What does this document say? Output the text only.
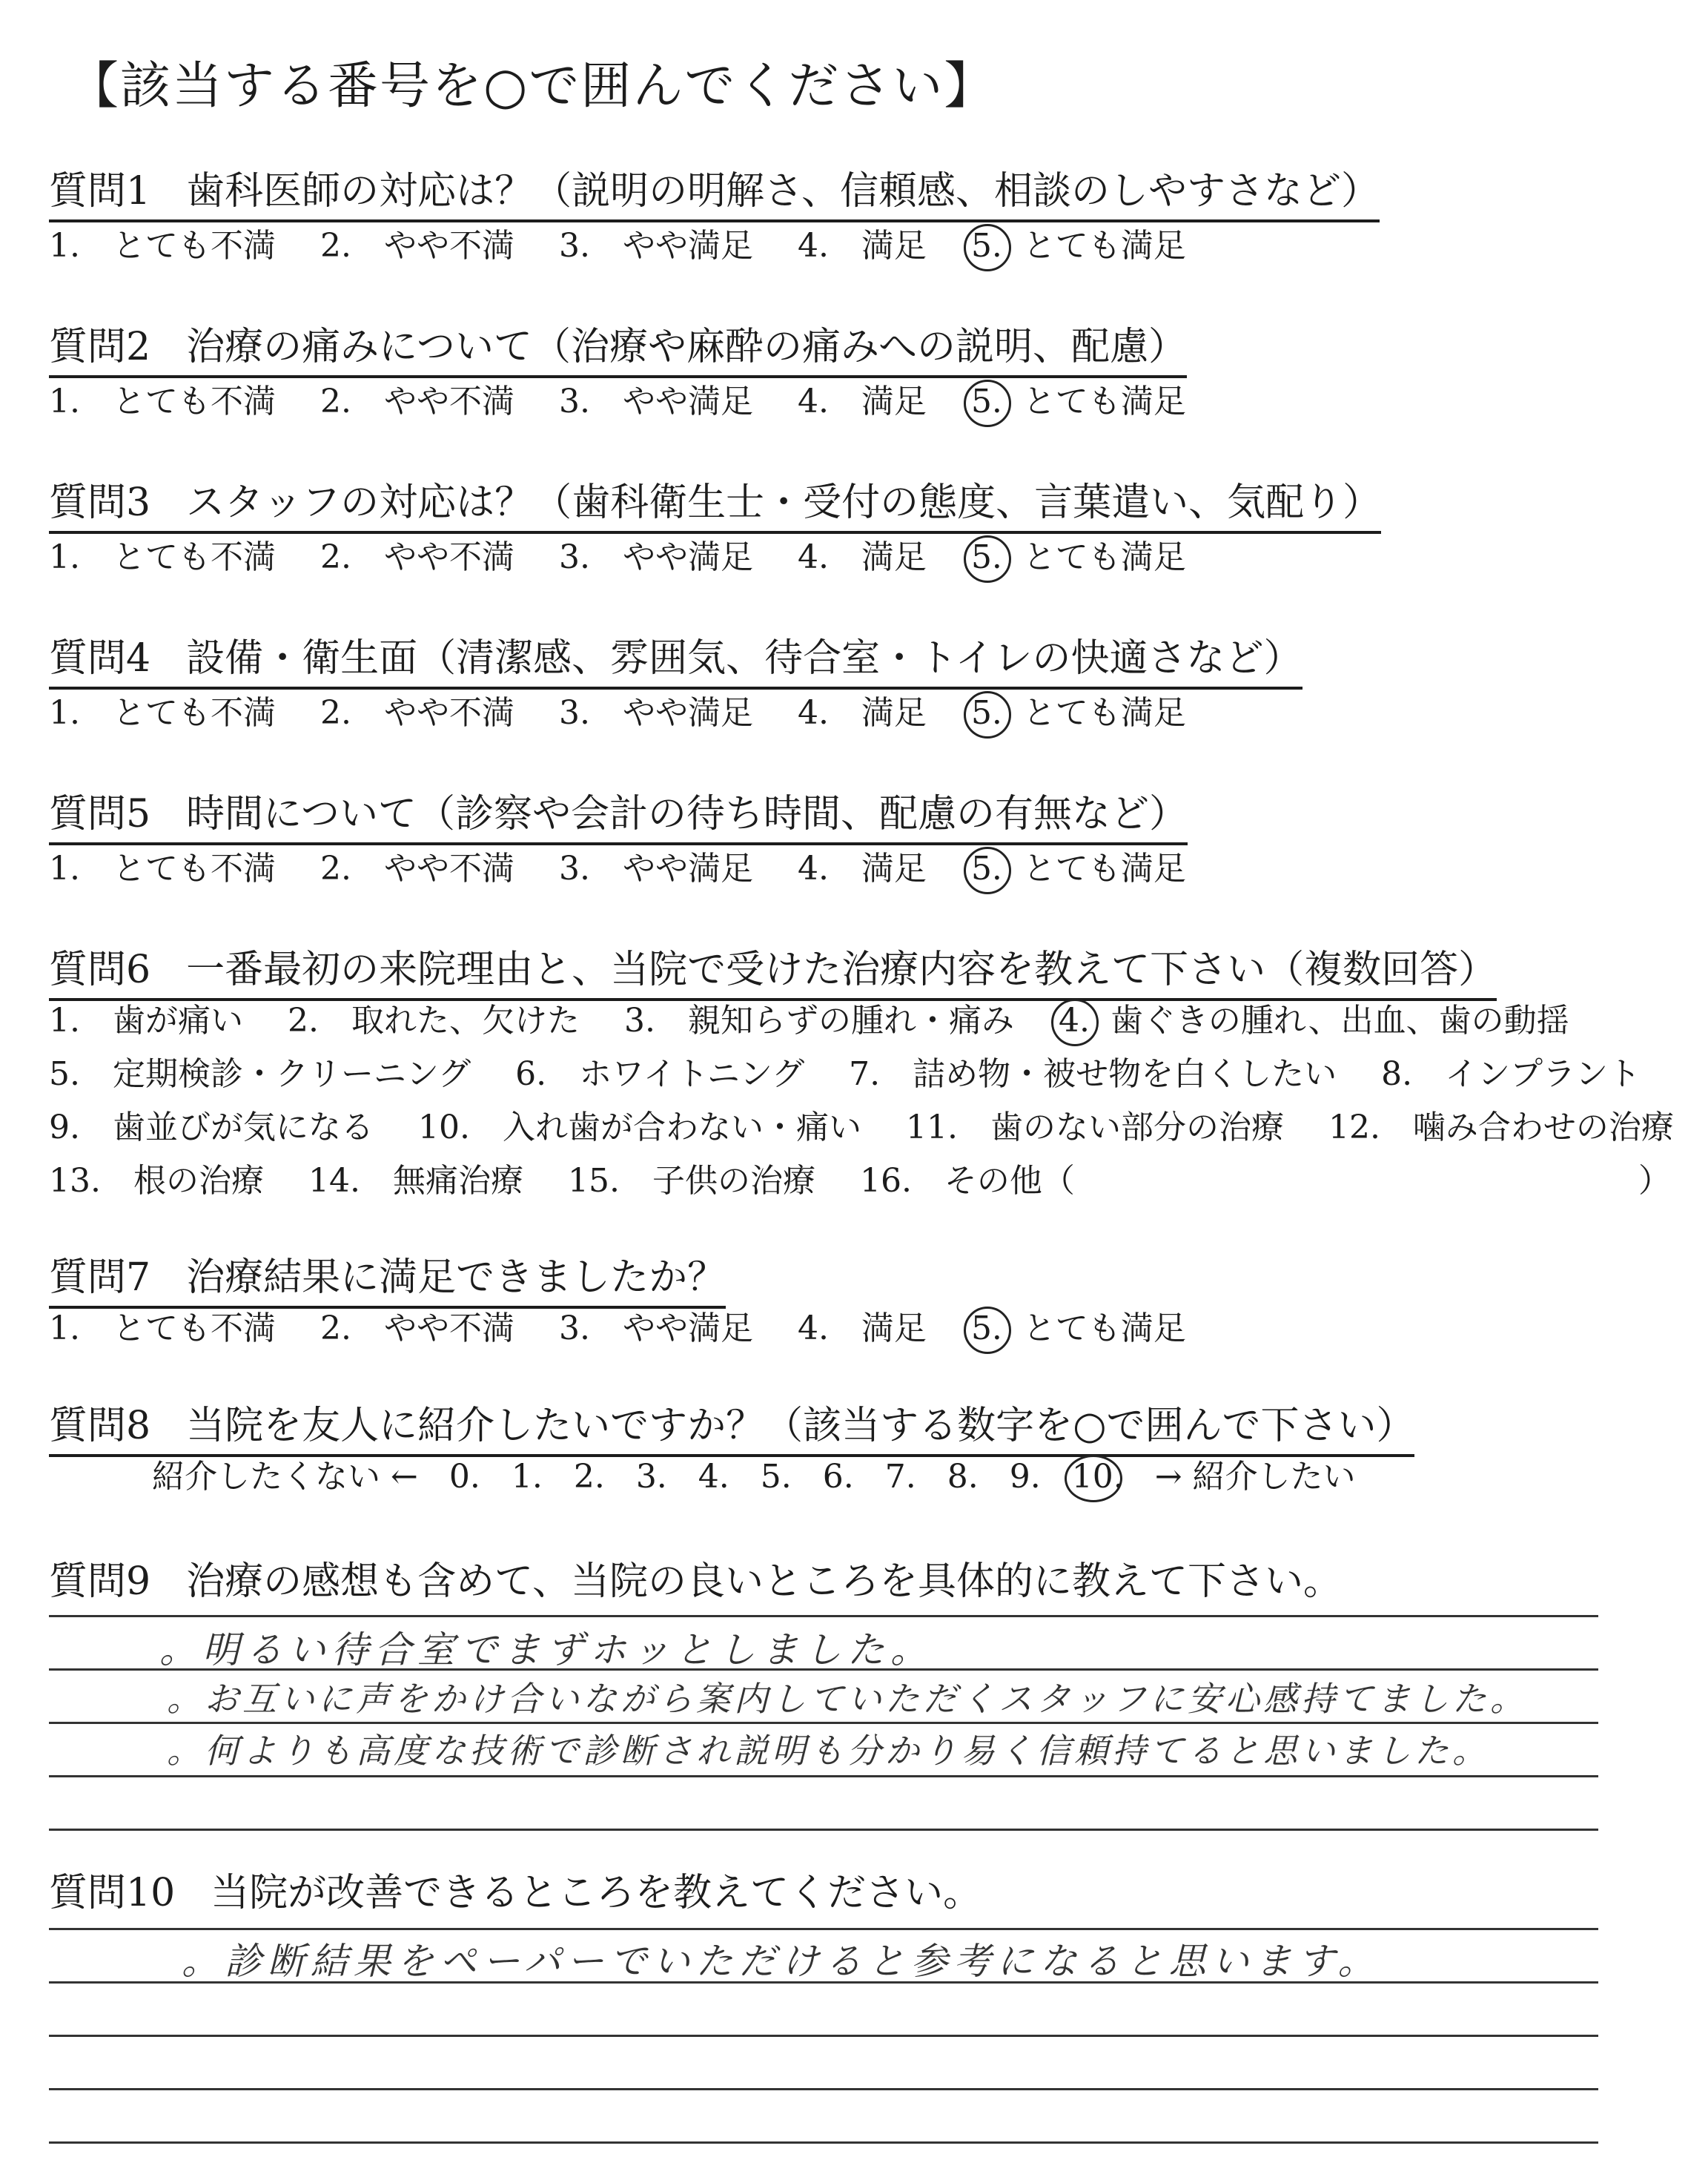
【該当する番号を○で囲んでください】
質問1 歯科医師の対応は？（説明の明解さ、信頼感、相談のしやすさなど）
1.　とても不満 2.　やや不満 3.　やや満足 4.　満足 5. とても満足
質問2 治療の痛みについて（治療や麻酔の痛みへの説明、配慮）
1.　とても不満 2.　やや不満 3.　やや満足 4.　満足 5. とても満足
質問3 スタッフの対応は？（歯科衛生士・受付の態度、言葉遣い、気配り）
1.　とても不満 2.　やや不満 3.　やや満足 4.　満足 5. とても満足
質問4 設備・衛生面（清潔感、雰囲気、待合室・トイレの快適さなど）
1.　とても不満 2.　やや不満 3.　やや満足 4.　満足 5. とても満足
質問5 時間について（診察や会計の待ち時間、配慮の有無など）
1.　とても不満 2.　やや不満 3.　やや満足 4.　満足 5. とても満足
質問6 一番最初の来院理由と、当院で受けた治療内容を教えて下さい（複数回答）
1.　歯が痛い 2.　取れた、欠けた 3.　親知らずの腫れ・痛み 4. 歯ぐきの腫れ、出血、歯の動揺
5.　定期検診・クリーニング 6.　ホワイトニング 7.　詰め物・被せ物を白くしたい 8.　インプラント
9.　歯並びが気になる 10.　入れ歯が合わない・痛い 11.　歯のない部分の治療 12.　噛み合わせの治療
13.　根の治療 14.　無痛治療 15.　子供の治療 16.　その他（	）
質問7 治療結果に満足できましたか？
1.　とても不満 2.　やや不満 3.　やや満足 4.　満足 5. とても満足
質問8 当院を友人に紹介したいですか？（該当する数字を○で囲んで下さい）
紹介したくない ← 0. 1. 2. 3. 4. 5. 6. 7. 8. 9. 10. → 紹介したい
質問9 治療の感想も含めて、当院の良いところを具体的に教えて下さい。
。明るい待合室でまずホッとしました。
。お互いに声をかけ合いながら案内していただくスタッフに安心感持てました。
。何よりも高度な技術で診断され説明も分かり易く信頼持てると思いました。
質問10 当院が改善できるところを教えてください。
。診断結果をペーパーでいただけると参考になると思います。
